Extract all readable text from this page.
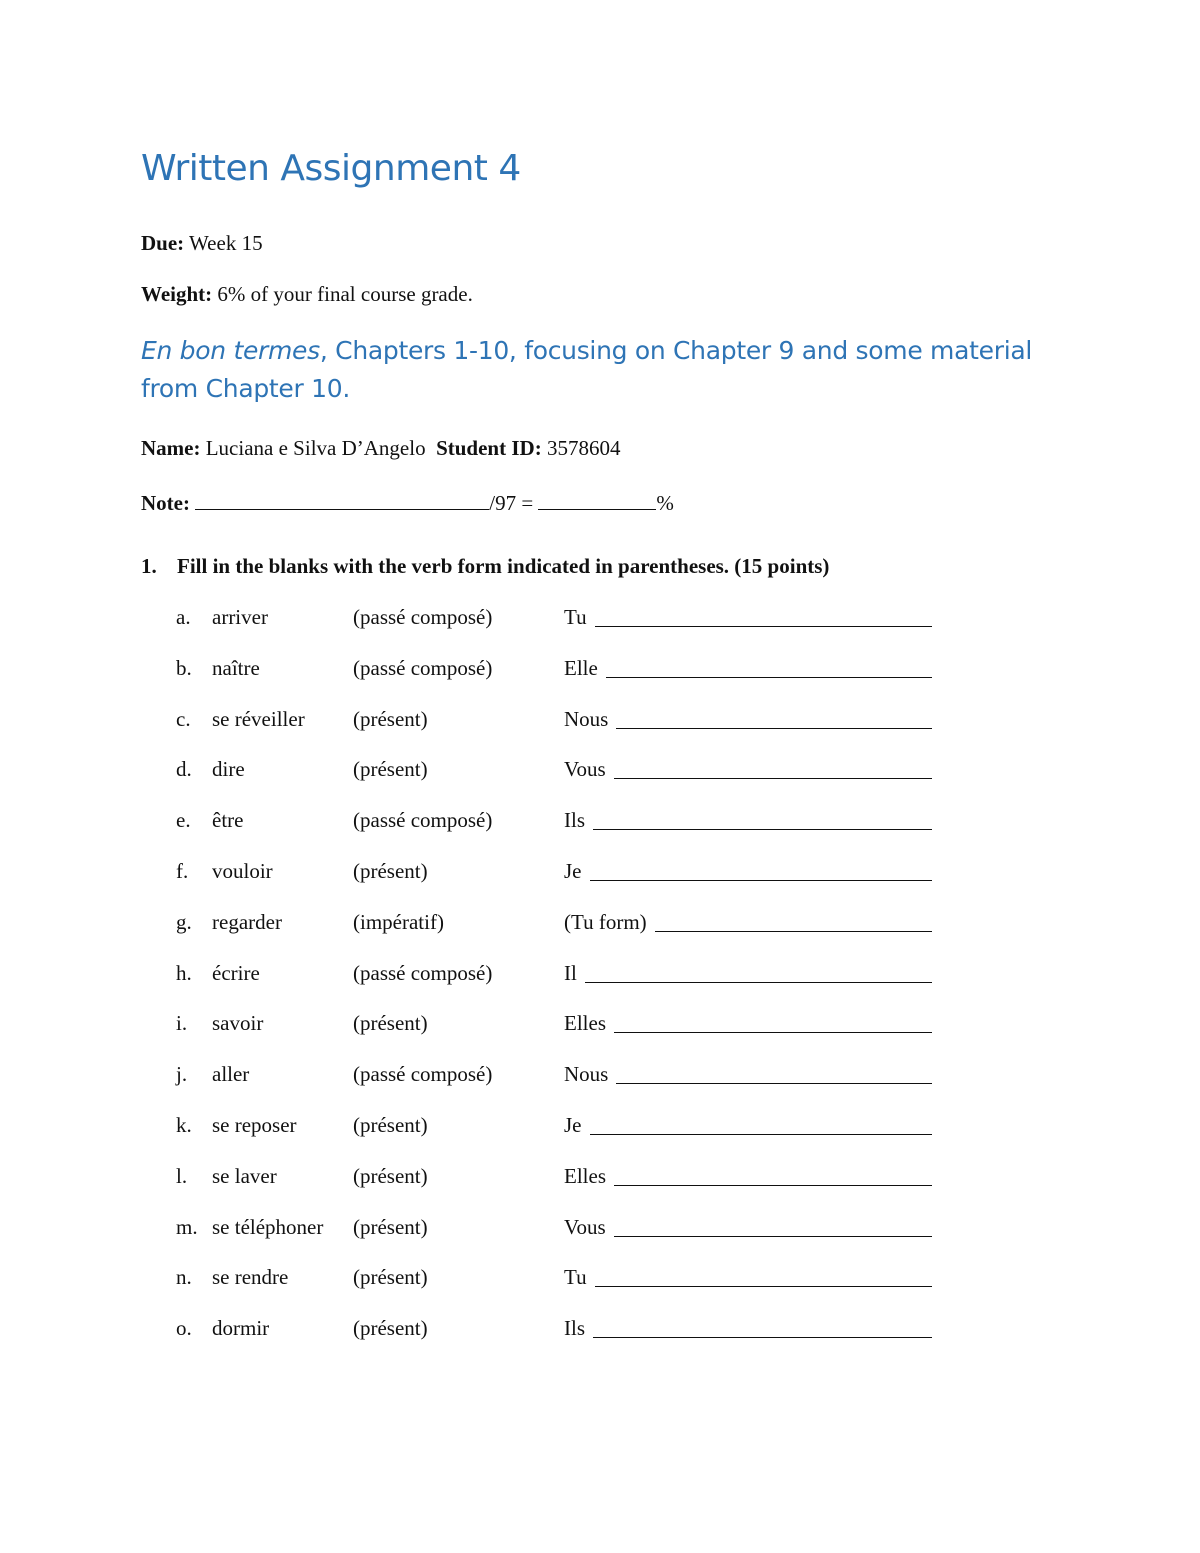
Written Assignment 4
Due: Week 15
Weight: 6% of your final course grade.
En bon termes, Chapters 1-10, focusing on Chapter 9 and some material from Chapter 10.
Name: Luciana e Silva D’Angelo Student ID: 3578604
Note:	/97 =	%
1. Fill in the blanks with the verb form indicated in parentheses. (15 points)
a. arriver	(passé composé)	Tu
b. naître	(passé composé)	Elle
c. se réveiller (présent)	Nous
d. dire	(présent)	Vous
e. être	(passé composé)	Ils
f. vouloir	(présent)	Je
g. regarder	(impératif)	(Tu form)
h. écrire	(passé composé)	Il
i. savoir	(présent)	Elles
j. aller	(passé composé)	Nous
k. se reposer	(présent)	Je
l. se laver	(présent)	Elles
m. se téléphoner (présent)	Vous
n. se rendre	(présent)	Tu
o. dormir	(présent)	Ils
